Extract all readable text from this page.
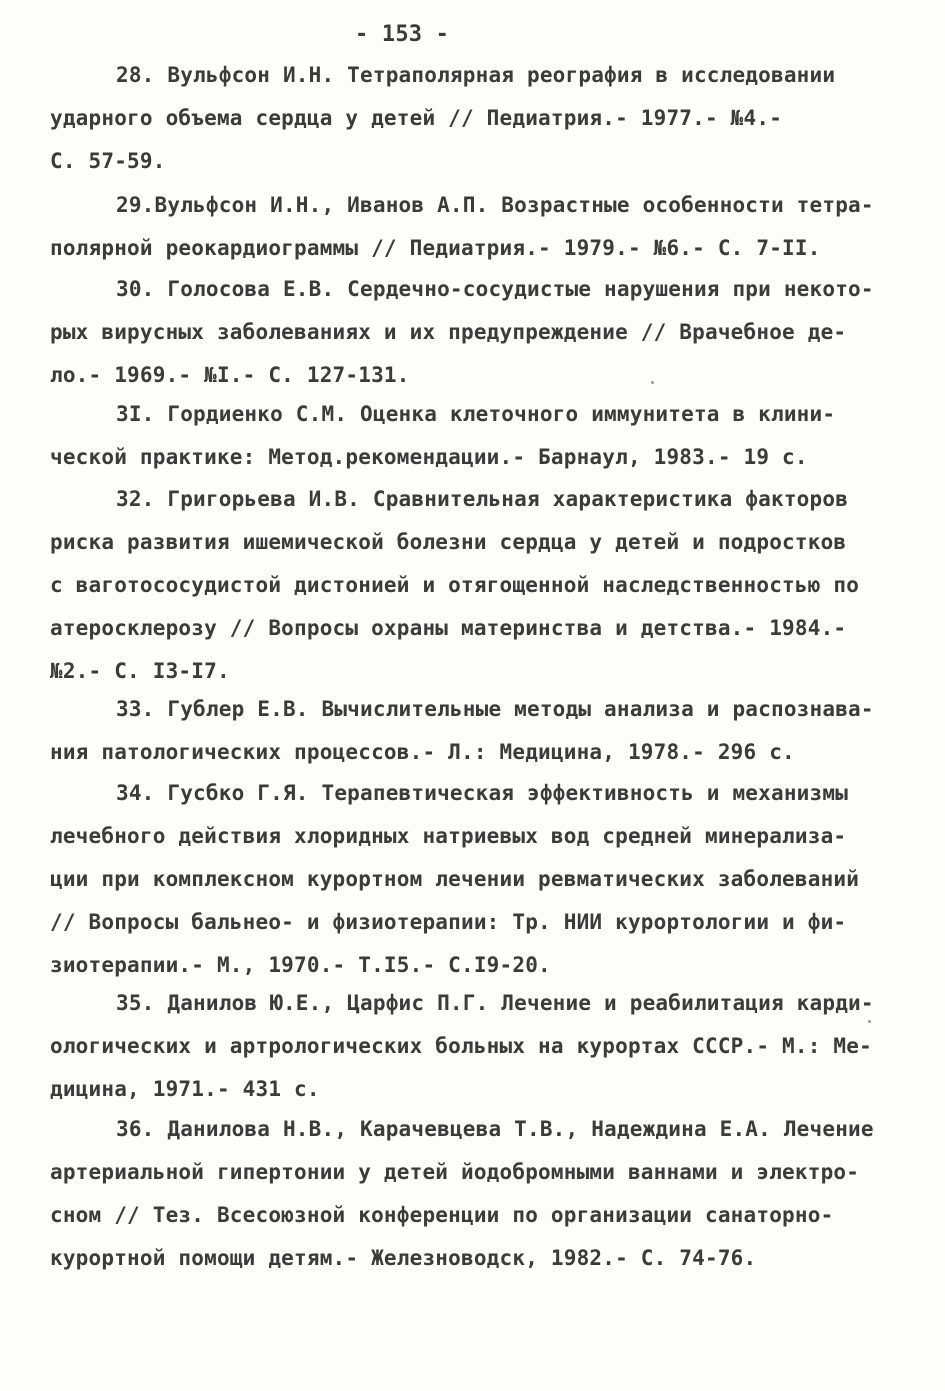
- 153 -
28. Вульфсон И.Н. Тетраполярная реография в исследовании
ударного объема сердца у детей // Педиатрия.- 1977.- №4.-
С. 57-59.
29.Вульфсон И.Н., Иванов А.П. Возрастные особенности тетра-
полярной реокардиограммы // Педиатрия.- 1979.- №6.- С. 7-II.
30. Голосова Е.В. Сердечно-сосудистые нарушения при некото-
рых вирусных заболеваниях и их предупреждение // Врачебное де-
ло.- 1969.- №I.- С. 127-131.
3I. Гордиенко С.М. Оценка клеточного иммунитета в клини-
ческой практике: Метод.рекомендации.- Барнаул, 1983.- 19 с.
32. Григорьева И.В. Сравнительная характеристика факторов
риска развития ишемической болезни сердца у детей и подростков
с ваготососудистой дистонией и отягощенной наследственностью по
атеросклерозу // Вопросы охраны материнства и детства.- 1984.-
№2.- С. I3-I7.
33. Гублер Е.В. Вычислительные методы анализа и распознава-
ния патологических процессов.- Л.: Медицина, 1978.- 296 с.
34. Гусбко Г.Я. Терапевтическая эффективность и механизмы
лечебного действия хлоридных натриевых вод средней минерализа-
ции при комплексном курортном лечении ревматических заболеваний
// Вопросы бальнео- и физиотерапии: Тр. НИИ курортологии и фи-
зиотерапии.- М., 1970.- Т.I5.- С.I9-20.
35. Данилов Ю.Е., Царфис П.Г. Лечение и реабилитация карди-
ологических и артрологических больных на курортах СССР.- М.: Ме-
дицина, 1971.- 431 с.
36. Данилова Н.В., Карачевцева Т.В., Надеждина Е.А. Лечение
артериальной гипертонии у детей йодобромными ваннами и электро-
сном // Тез. Всесоюзной конференции по организации санаторно-
курортной помощи детям.- Железноводск, 1982.- С. 74-76.
